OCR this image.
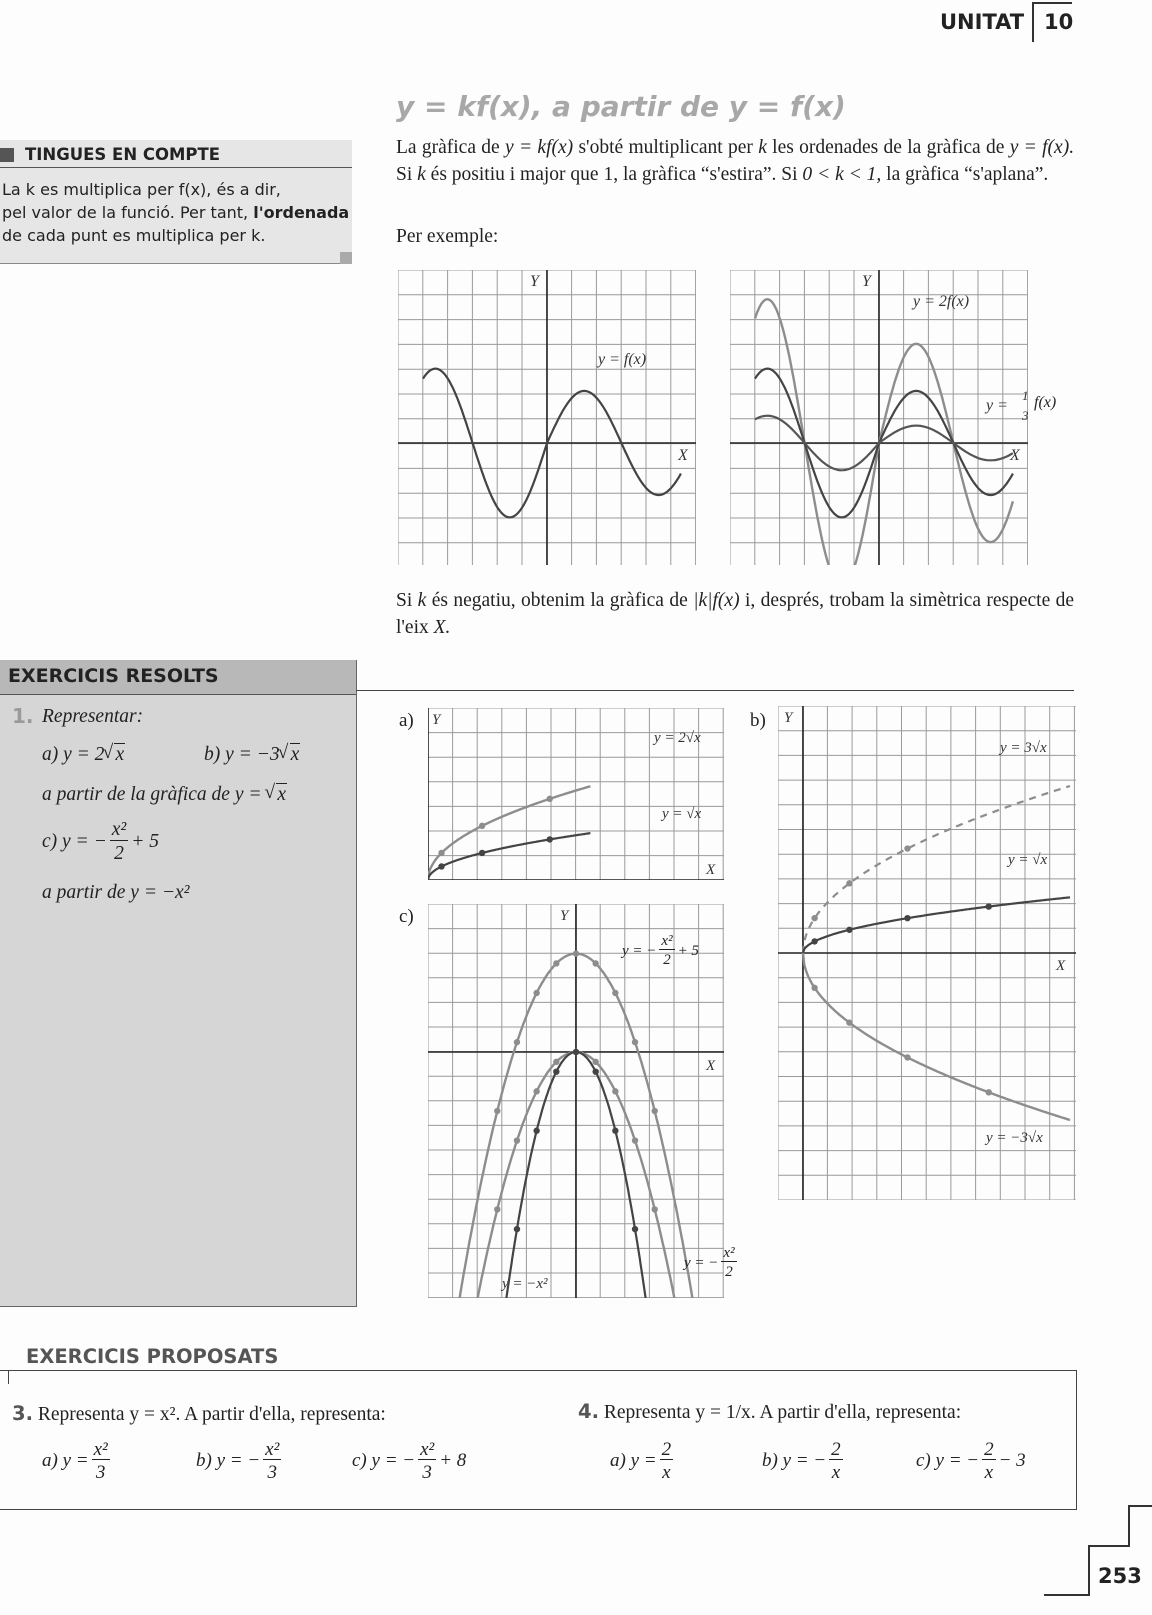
UNITAT 10
y = kf(x), a partir de y = f(x)
La gràfica de y = kf(x) s'obté multiplicant per k les ordenades de la gràfica de y = f(x). Si k és positiu i major que 1, la gràfica “s'estira”. Si 0 < k < 1, la gràfica “s'aplana”.
Per exemple:
TINGUES EN COMPTE
La k es multiplica per f(x), és a dir,
pel valor de la funció. Per tant, l'ordenada
de cada punt es multiplica per k.
Y
X
y = f(x)
Y
X
y = 2f(x)
y =
1
3
f(x)
Si k és negatiu, obtenim la gràfica de |k|f(x) i, després, trobam la simètrica respecte de l'eix X.
EXERCICIS RESOLTS
1. Representar:
a) y = 2 √ x	b) y = −3 √ x
a partir de la gràfica de y = √ x
c) y = − $\frac{\text{x²}}{2} + 5$
a partir de y = −x²
a) Y
X
y = 2√x
y = √x
b) Y
X
y = 3√x
y = √x
y = −3√x
c)	Y
X
y = −x²
y = − $\frac{\text{x²}}{2} + 5$
y = − $\frac{\text{x²}}{2}$
EXERCICIS PROPOSATS
3. Representa y = x². A partir d'ella, representa:
a) $y = \frac{\text{x²}}{3}$	b) y = − $\frac{\text{x²}}{3}$	c) y = − $\frac{\text{x²}}{3} + 8$
4. Representa y = 1/x. A partir d'ella, representa:
a) $y = \frac{2}{x}$	b) y = − $\frac{2}{x}$	c) y = − $\frac{2}{x} - 3$
253
